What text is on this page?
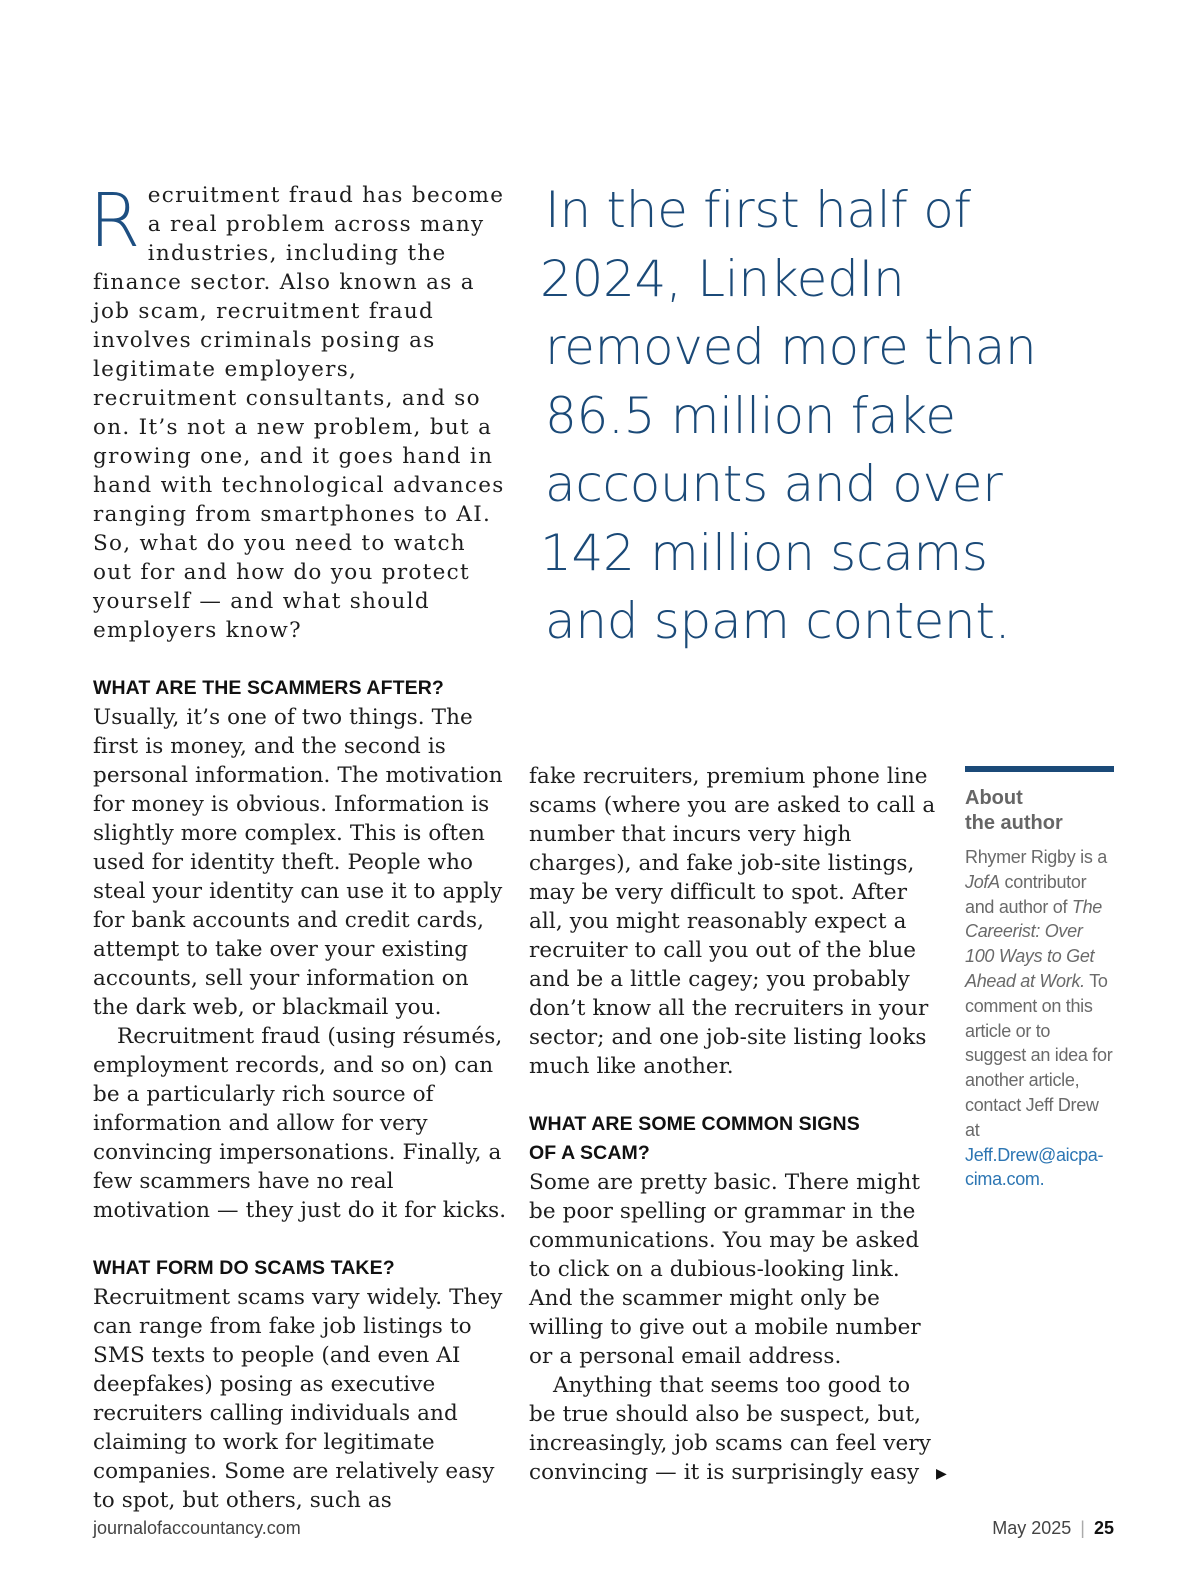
Recruitment fraud has become a real problem across many industries, including the finance sector. Also known as a job scam, recruitment fraud involves criminals posing as legitimate employers, recruitment consultants, and so on. It’s not a new problem, but a growing one, and it goes hand in hand with technological advances ranging from smartphones to AI. So, what do you need to watch out for and how do you protect yourself — and what should employers know?

WHAT ARE THE SCAMMERS AFTER?

Usually, it’s one of two things. The first is money, and the second is personal information. The motivation for money is obvious. Information is slightly more complex. This is often used for identity theft. People who steal your identity can use it to apply for bank accounts and credit cards, attempt to take over your existing accounts, sell your information on the dark web, or blackmail you.

Recruitment fraud (using résumés, employment records, and so on) can be a particularly rich source of information and allow for very convincing impersonations. Finally, a few scammers have no real motivation — they just do it for kicks.

WHAT FORM DO SCAMS TAKE?

Recruitment scams vary widely. They can range from fake job listings to SMS texts to people (and even AI deepfakes) posing as executive recruiters calling individuals and claiming to work for legitimate companies. Some are relatively easy to spot, but others, such as

In the first half of
2024, LinkedIn
removed more than
86.5 million fake
accounts and over
142 million scams
and spam content.

fake recruiters, premium phone line scams (where you are asked to call a number that incurs very high charges), and fake job-site listings, may be very difficult to spot. After all, you might reasonably expect a recruiter to call you out of the blue and be a little cagey; you probably don’t know all the recruiters in your sector; and one job-site listing looks much like another.

WHAT ARE SOME COMMON SIGNS
OF A SCAM?

Some are pretty basic. There might be poor spelling or grammar in the communications. You may be asked to click on a dubious-looking link. And the scammer might only be willing to give out a mobile number or a personal email address.

Anything that seems too good to be true should also be suspect, but, increasingly, job scams can feel very convincing — it is surprisingly easy	▶
About
the author
Rhymer Rigby is a JofA contributor and author of The Careerist: Over 100 Ways to Get Ahead at Work. To comment on this article or to suggest an idea for another article, contact Jeff Drew at Jeff.Drew@aicpa-cima.com.
journalofaccountancy.com	May 2025 | 25
